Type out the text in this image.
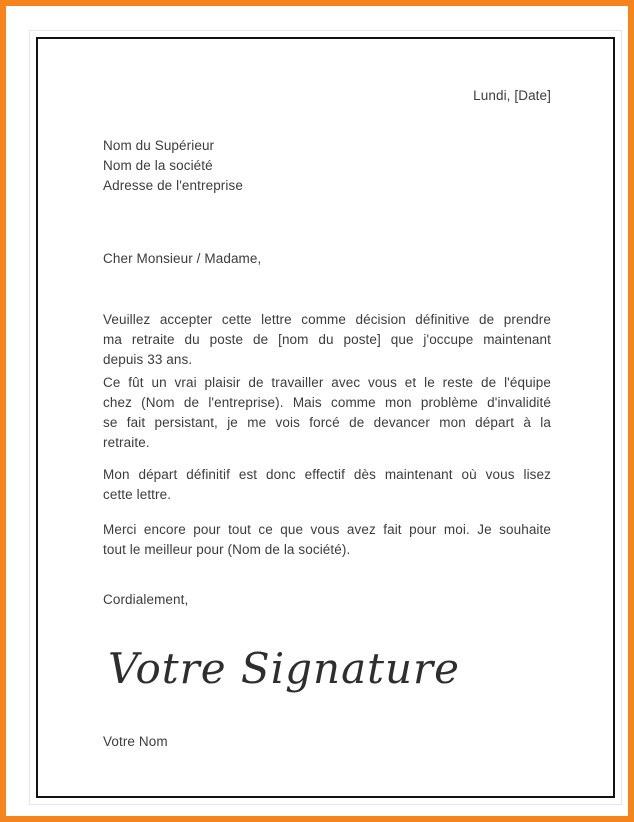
Lundi, [Date]
Nom du Supérieur
Nom de la société
Adresse de l'entreprise
Cher Monsieur / Madame,
Veuillez accepter cette lettre comme décision définitive de prendre
ma retraite du poste de [nom du poste] que j'occupe maintenant
depuis 33 ans.
Ce fût un vrai plaisir de travailler avec vous et le reste de l'équipe
chez (Nom de l'entreprise). Mais comme mon problème d'invalidité
se fait persistant, je me vois forcé de devancer mon départ à la
retraite.
Mon départ définitif est donc effectif dès maintenant où vous lisez
cette lettre.
Merci encore pour tout ce que vous avez fait pour moi. Je souhaite
tout le meilleur pour (Nom de la société).
Cordialement,
Votre Signature
Votre Nom
